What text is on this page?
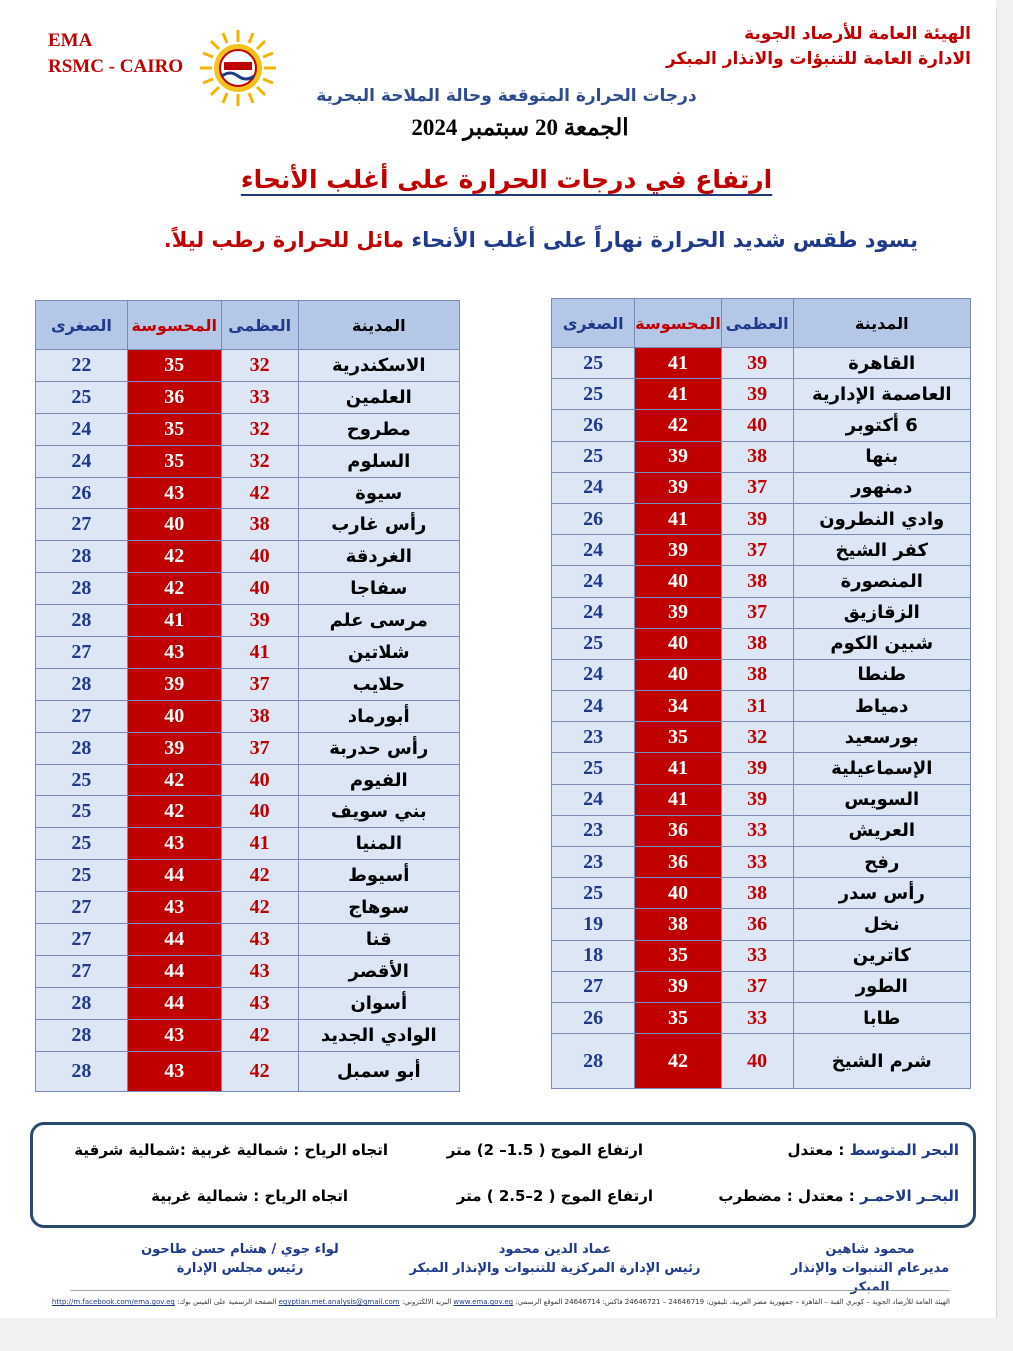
EMA
RSMC - CAIRO
الهيئة العامة للأرصاد الجوية
الادارة العامة للتنبؤات والانذار المبكر
درجات الحرارة المتوقعة وحالة الملاحة البحرية
الجمعة 20 سبتمبر 2024
ارتفاع في درجات الحرارة على أغلب الأنحاء
يسود طقس شديد الحرارة نهاراً على أغلب الأنحاء مائل للحرارة رطب ليلاً.
المدينة	العظمى	المحسوسة	الصغرى
القاهرة	39	41	25
العاصمة الإدارية	39	41	25
6 أكتوبر	40	42	26
بنها	38	39	25
دمنهور	37	39	24
وادي النطرون	39	41	26
كفر الشيخ	37	39	24
المنصورة	38	40	24
الزقازيق	37	39	24
شبين الكوم	38	40	25
طنطا	38	40	24
دمياط	31	34	24
بورسعيد	32	35	23
الإسماعيلية	39	41	25
السويس	39	41	24
العريش	33	36	23
رفح	33	36	23
رأس سدر	38	40	25
نخل	36	38	19
كاترين	33	35	18
الطور	37	39	27
طابا	33	35	26
شرم الشيخ	40	42	28
المدينة	العظمى	المحسوسة	الصغرى
الاسكندرية	32	35	22
العلمين	33	36	25
مطروح	32	35	24
السلوم	32	35	24
سيوة	42	43	26
رأس غارب	38	40	27
الغردقة	40	42	28
سفاجا	40	42	28
مرسى علم	39	41	28
شلاتين	41	43	27
حلايب	37	39	28
أبورماد	38	40	27
رأس حدربة	37	39	28
الفيوم	40	42	25
بني سويف	40	42	25
المنيا	41	43	25
أسيوط	42	44	25
سوهاج	42	43	27
قنا	43	44	27
الأقصر	43	44	27
أسوان	43	44	28
الوادي الجديد	42	43	28
أبو سمبل	42	43	28
البحر المتوسط : معتدل
ارتفاع الموج ( 1.5– 2) متر
اتجاه الرياح : شمالية غربية :شمالية شرقية
البحـر الاحمـر : معتدل : مضطرب
ارتفاع الموج ( 2–2.5 ) متر
اتجاه الرياح : شمالية غربية
محمود شاهين
مديرعام التنبوات والإنذار المبكر
عماد الدين محمود
رئيس الإدارة المركزية للتنبوات والإنذار المبكر
لواء جوي / هشام حسن طاحون
رئيس مجلس الإدارة
الهيئة العامة للأرصاد الجوية – كوبري القبة – القاهرة – جمهورية مصر العربية، تليفون: 24646719 – 24646721 فاكس: 24646714 الموقع الرسمي: www.ema.gov.eg البريد الالكتروني: egyptian.met.analysis@gmail.com الصفحة الرسمية على الفيس بوك: http://m.facebook.com/ema.gov.eg
